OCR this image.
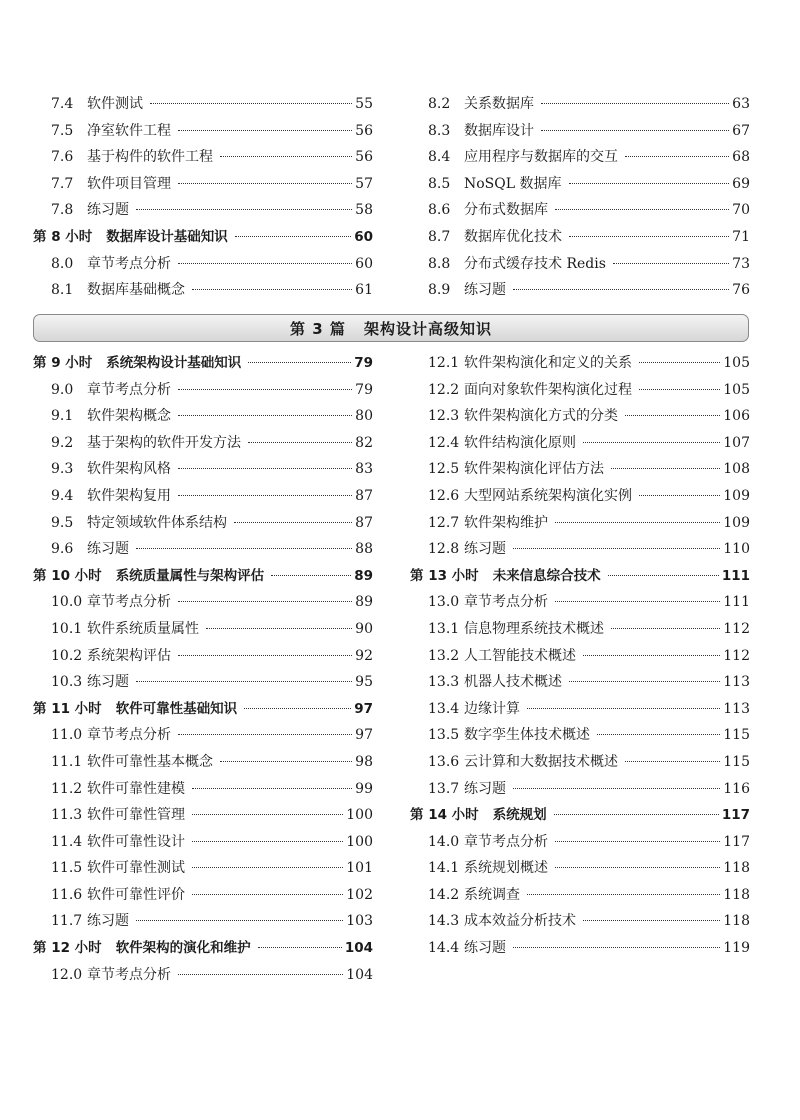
7.4 软件测试	55
7.5 净室软件工程	56
7.6 基于构件的软件工程	56
7.7 软件项目管理	57
7.8 练习题	58
第 8 小时	数据库设计基础知识	60
8.0 章节考点分析	60
8.1 数据库基础概念	61
8.2 关系数据库	63
8.3 数据库设计	67
8.4 应用程序与数据库的交互	68
8.5 NoSQL 数据库	69
8.6 分布式数据库	70
8.7 数据库优化技术	71
8.8 分布式缓存技术 Redis	73
8.9 练习题	76
第 3 篇 架构设计高级知识
第 9 小时	系统架构设计基础知识	79
9.0 章节考点分析	79
9.1 软件架构概念	80
9.2 基于架构的软件开发方法	82
9.3 软件架构风格	83
9.4 软件架构复用	87
9.5 特定领域软件体系结构	87
9.6 练习题	88
第 10 小时	系统质量属性与架构评估	89
10.0 章节考点分析	89
10.1 软件系统质量属性	90
10.2 系统架构评估	92
10.3 练习题	95
第 11 小时	软件可靠性基础知识	97
11.0 章节考点分析	97
11.1 软件可靠性基本概念	98
11.2 软件可靠性建模	99
11.3 软件可靠性管理	100
11.4 软件可靠性设计	100
11.5 软件可靠性测试	101
11.6 软件可靠性评价	102
11.7 练习题	103
第 12 小时	软件架构的演化和维护	104
12.0 章节考点分析	104
12.1 软件架构演化和定义的关系	105
12.2 面向对象软件架构演化过程	105
12.3 软件架构演化方式的分类	106
12.4 软件结构演化原则	107
12.5 软件架构演化评估方法	108
12.6 大型网站系统架构演化实例	109
12.7 软件架构维护	109
12.8 练习题	110
第 13 小时	未来信息综合技术	111
13.0 章节考点分析	111
13.1 信息物理系统技术概述	112
13.2 人工智能技术概述	112
13.3 机器人技术概述	113
13.4 边缘计算	113
13.5 数字孪生体技术概述	115
13.6 云计算和大数据技术概述	115
13.7 练习题	116
第 14 小时	系统规划	117
14.0 章节考点分析	117
14.1 系统规划概述	118
14.2 系统调查	118
14.3 成本效益分析技术	118
14.4 练习题	119
